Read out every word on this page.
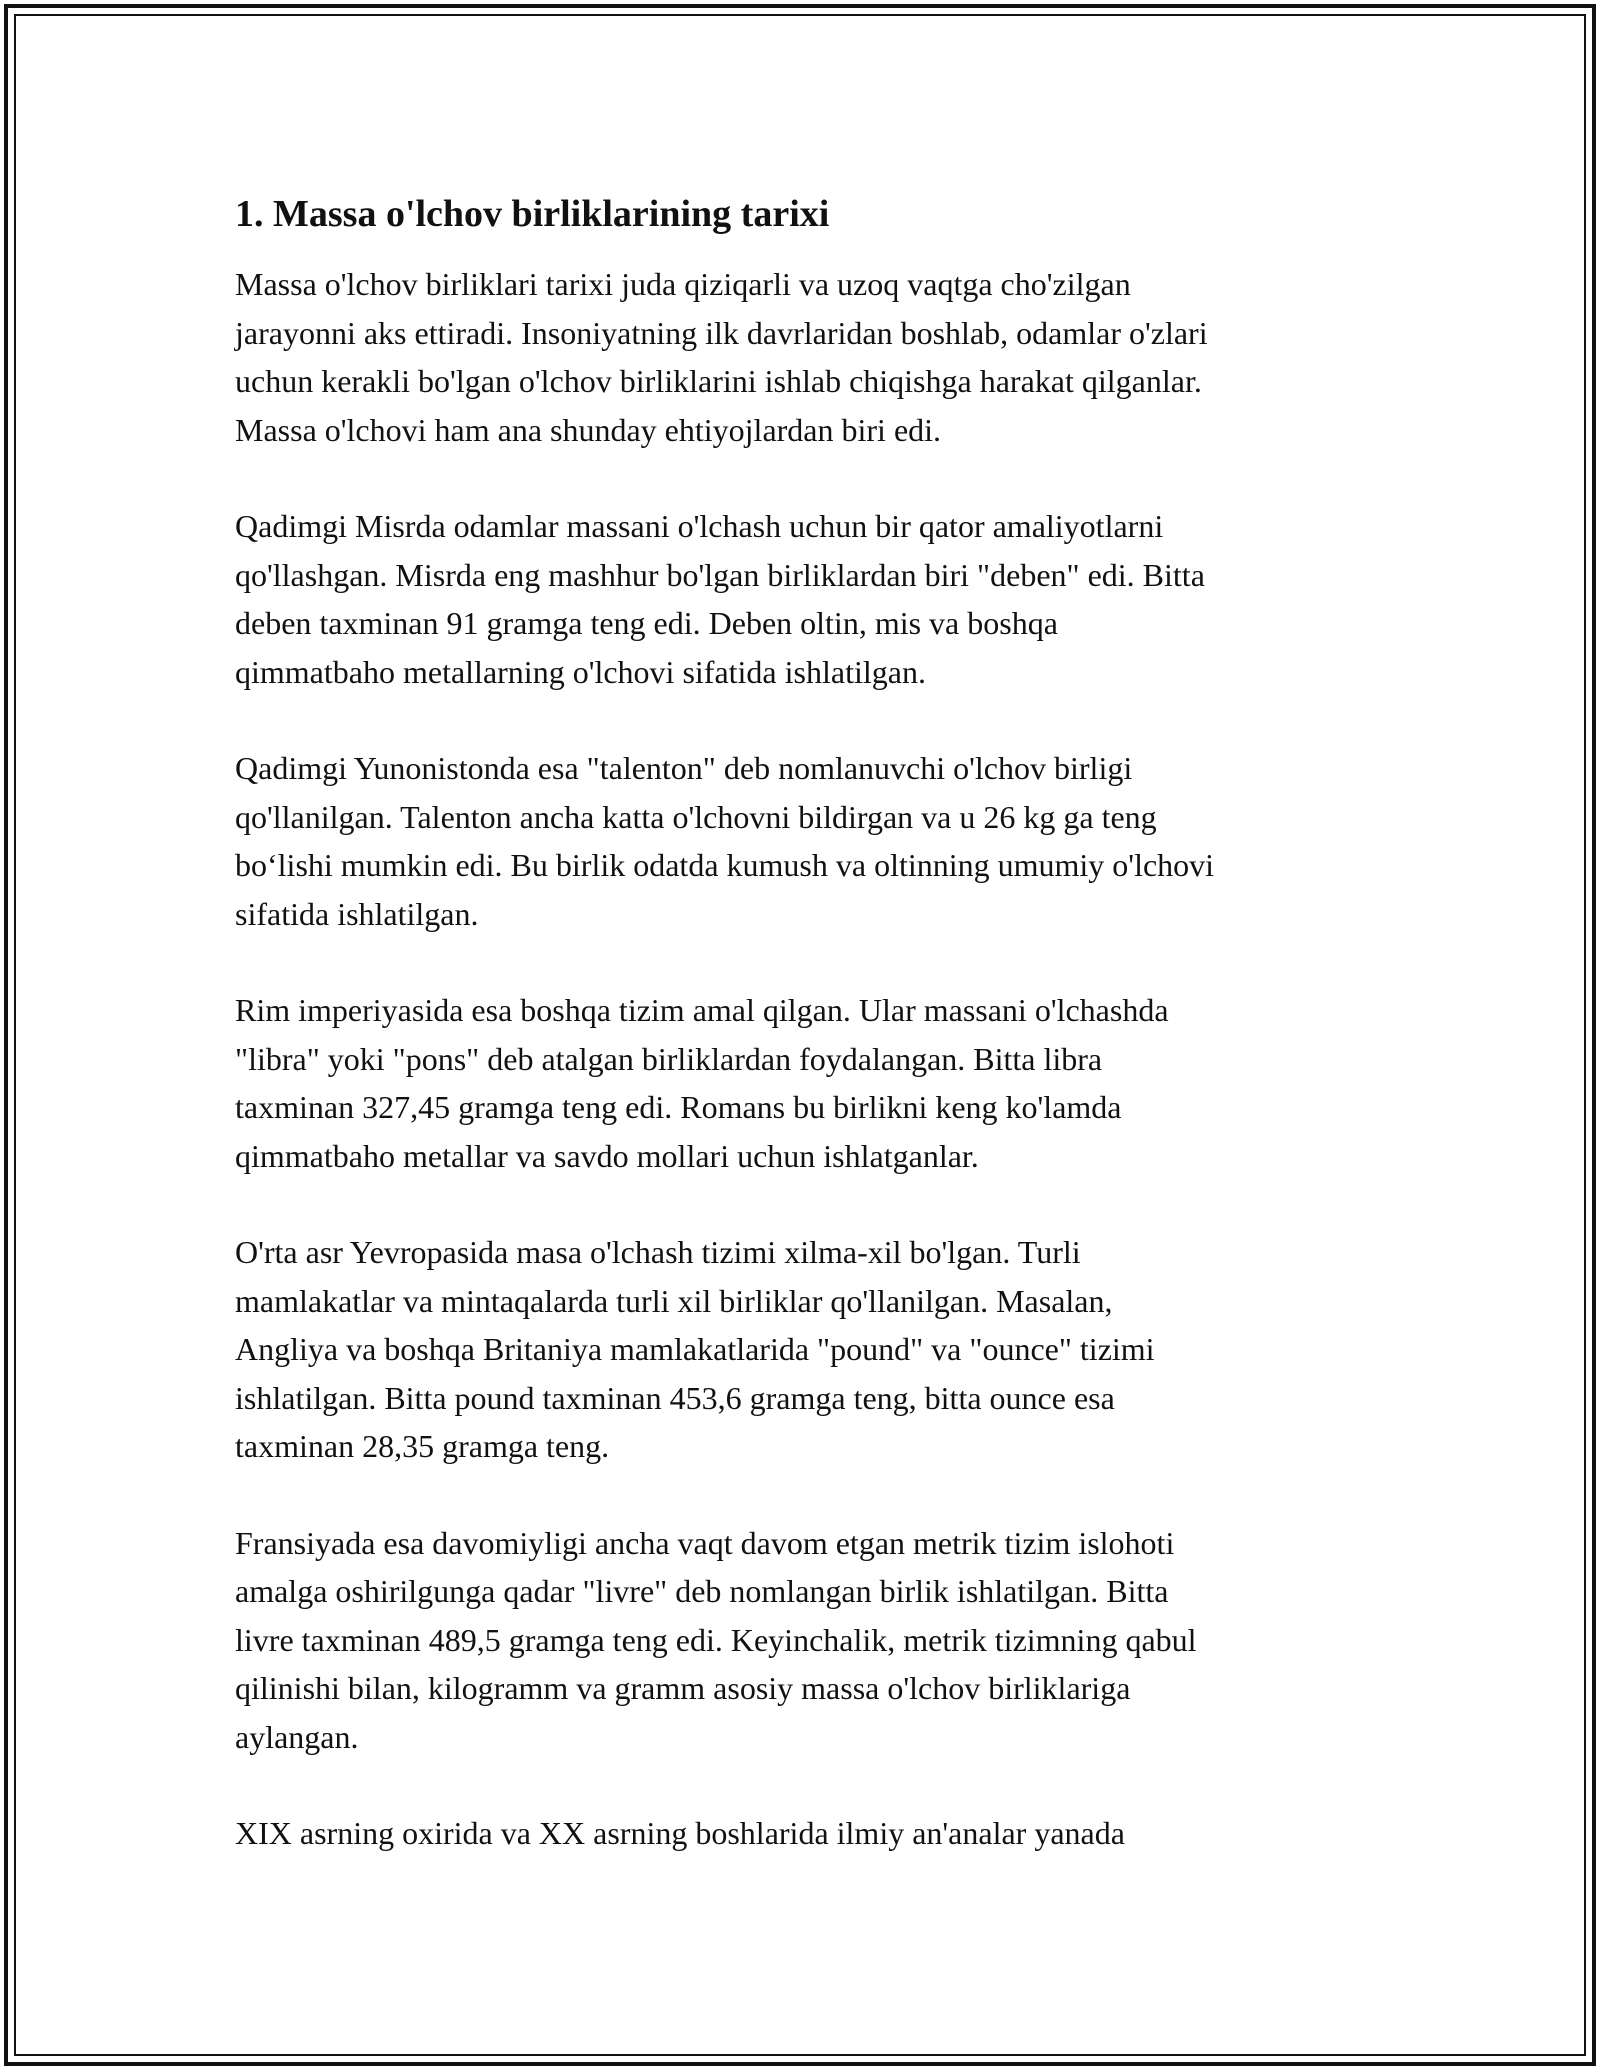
1. Massa o'lchov birliklarining tarixi

Massa o'lchov birliklari tarixi juda qiziqarli va uzoq vaqtga cho'zilgan
jarayonni aks ettiradi. Insoniyatning ilk davrlaridan boshlab, odamlar o'zlari
uchun kerakli bo'lgan o'lchov birliklarini ishlab chiqishga harakat qilganlar.
Massa o'lchovi ham ana shunday ehtiyojlardan biri edi.

Qadimgi Misrda odamlar massani o'lchash uchun bir qator amaliyotlarni
qo'llashgan. Misrda eng mashhur bo'lgan birliklardan biri "deben" edi. Bitta
deben taxminan 91 gramga teng edi. Deben oltin, mis va boshqa
qimmatbaho metallarning o'lchovi sifatida ishlatilgan.

Qadimgi Yunonistonda esa "talenton" deb nomlanuvchi o'lchov birligi
qo'llanilgan. Talenton ancha katta o'lchovni bildirgan va u 26 kg ga teng
bo‘lishi mumkin edi. Bu birlik odatda kumush va oltinning umumiy o'lchovi
sifatida ishlatilgan.

Rim imperiyasida esa boshqa tizim amal qilgan. Ular massani o'lchashda
"libra" yoki "pons" deb atalgan birliklardan foydalangan. Bitta libra
taxminan 327,45 gramga teng edi. Romans bu birlikni keng ko'lamda
qimmatbaho metallar va savdo mollari uchun ishlatganlar.

O'rta asr Yevropasida masa o'lchash tizimi xilma-xil bo'lgan. Turli
mamlakatlar va mintaqalarda turli xil birliklar qo'llanilgan. Masalan,
Angliya va boshqa Britaniya mamlakatlarida "pound" va "ounce" tizimi
ishlatilgan. Bitta pound taxminan 453,6 gramga teng, bitta ounce esa
taxminan 28,35 gramga teng.

Fransiyada esa davomiyligi ancha vaqt davom etgan metrik tizim islohoti
amalga oshirilgunga qadar "livre" deb nomlangan birlik ishlatilgan. Bitta
livre taxminan 489,5 gramga teng edi. Keyinchalik, metrik tizimning qabul
qilinishi bilan, kilogramm va gramm asosiy massa o'lchov birliklariga
aylangan.

XIX asrning oxirida va XX asrning boshlarida ilmiy an'analar yanada
